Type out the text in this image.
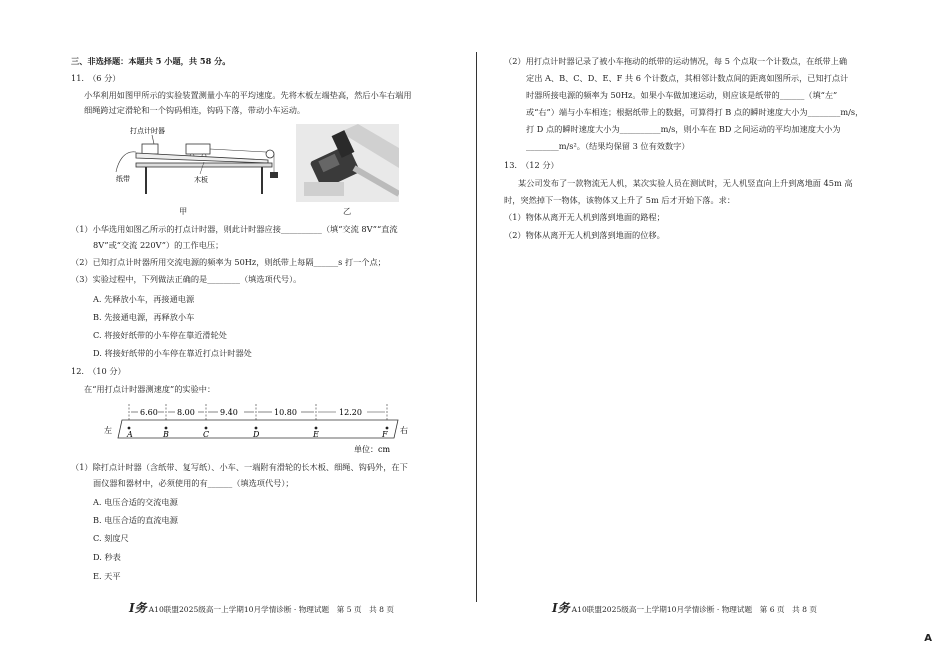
三、非选择题：本题共 5 小题，共 58 分。
11.　（6 分）
小华利用如图甲所示的实验装置测量小车的平均速度。先将木板左端垫高，然后小车右端用
细绳跨过定滑轮和一个钩码相连，钩码下落，带动小车运动。
打点计时器
纸带	木板
甲	乙
（1）小华选用如图乙所示的打点计时器，则此计时器应接__________（填“交流 8V”“直流
8V”或“交流 220V”）的工作电压；
（2）已知打点计时器所用交流电源的频率为 50Hz，则纸带上每隔______s 打一个点；
（3）实验过程中，下列做法正确的是________（填选项代号）。
A. 先释放小车，再接通电源
B. 先接通电源，再释放小车
C. 将接好纸带的小车停在靠近滑轮处
D. 将接好纸带的小车停在靠近打点计时器处
12.　（10 分）
在“用打点计时器测速度”的实验中：
6.60 8.00	9.40	10.80	12.20
左	右
A	B	C	D	E	F
单位：cm
（1）除打点计时器（含纸带、复写纸）、小车、一端附有滑轮的长木板、细绳、钩码外，在下
面仪器和器材中，必须使用的有______（填选项代号）；
A. 电压合适的交流电源
B. 电压合适的直流电源
C. 刻度尺
D. 秒表
E. 天平
I务 A10联盟2025级高一上学期10月学情诊断 · 物理试题　第 5 页　共 8 页
（2）用打点计时器记录了被小车拖动的纸带的运动情况，每 5 个点取一个计数点，在纸带上确
定出 A、B、C、D、E、F 共 6 个计数点，其相邻计数点间的距离如图所示，已知打点计
时器所接电源的频率为 50Hz。如果小车做加速运动，则应该是纸带的______（填“左”
或“右”）端与小车相连；根据纸带上的数据，可算得打 B 点的瞬时速度大小为________m/s，
打 D 点的瞬时速度大小为__________m/s，则小车在 BD 之间运动的平均加速度大小为
________m/s²。（结果均保留 3 位有效数字）
13.　（12 分）
某公司发布了一款物流无人机，某次实验人员在测试时，无人机竖直向上升到离地面 45m 高
时，突然掉下一物体，该物体又上升了 5m 后才开始下落。求：
（1）物体从离开无人机到落到地面的路程；
（2）物体从离开无人机到落到地面的位移。
I务 A10联盟2025级高一上学期10月学情诊断 · 物理试题　第 6 页　共 8 页
A
